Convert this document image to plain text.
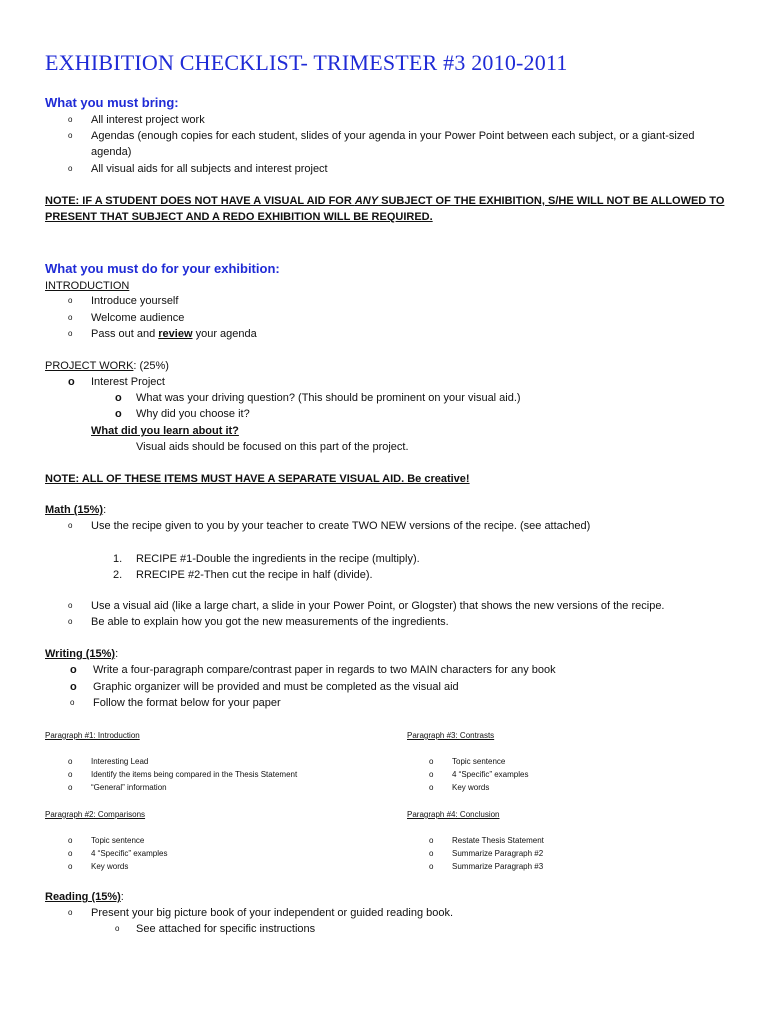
EXHIBITION CHECKLIST- TRIMESTER #3 2010-2011
What you must bring:
o All interest project work
o Agendas (enough copies for each student, slides of your agenda in your Power Point between each subject, or a giant-sized
agenda)
o All visual aids for all subjects and interest project
NOTE: IF A STUDENT DOES NOT HAVE A VISUAL AID FOR ANY SUBJECT OF THE EXHIBITION, S/HE WILL NOT BE ALLOWED TO
PRESENT THAT SUBJECT AND A REDO EXHIBITION WILL BE REQUIRED.
What you must do for your exhibition:
INTRODUCTION
o Introduce yourself
o Welcome audience
o Pass out and review your agenda
PROJECT WORK: (25%)
o Interest Project
o What was your driving question? (This should be prominent on your visual aid.)
o Why did you choose it?
What did you learn about it?
Visual aids should be focused on this part of the project.
NOTE: ALL OF THESE ITEMS MUST HAVE A SEPARATE VISUAL AID. Be creative!
Math (15%):
o Use the recipe given to you by your teacher to create TWO NEW versions of the recipe. (see attached)
1. RECIPE #1-Double the ingredients in the recipe (multiply).
2. RRECIPE #2-Then cut the recipe in half (divide).
o Use a visual aid (like a large chart, a slide in your Power Point, or Glogster) that shows the new versions of the recipe.
o Be able to explain how you got the new measurements of the ingredients.
Writing (15%):
o Write a four-paragraph compare/contrast paper in regards to two MAIN characters for any book
o Graphic organizer will be provided and must be completed as the visual aid
o Follow the format below for your paper
Paragraph #1: Introduction
o Interesting Lead
o Identify the items being compared in the Thesis Statement
o “General” information
Paragraph #3: Contrasts
o Topic sentence
o 4 “Specific” examples
o Key words
Paragraph #2: Comparisons
o Topic sentence
o 4 “Specific” examples
o Key words
Paragraph #4: Conclusion
o Restate Thesis Statement
o Summarize Paragraph #2
o Summarize Paragraph #3
Reading (15%):
o Present your big picture book of your independent or guided reading book.
o See attached for specific instructions
